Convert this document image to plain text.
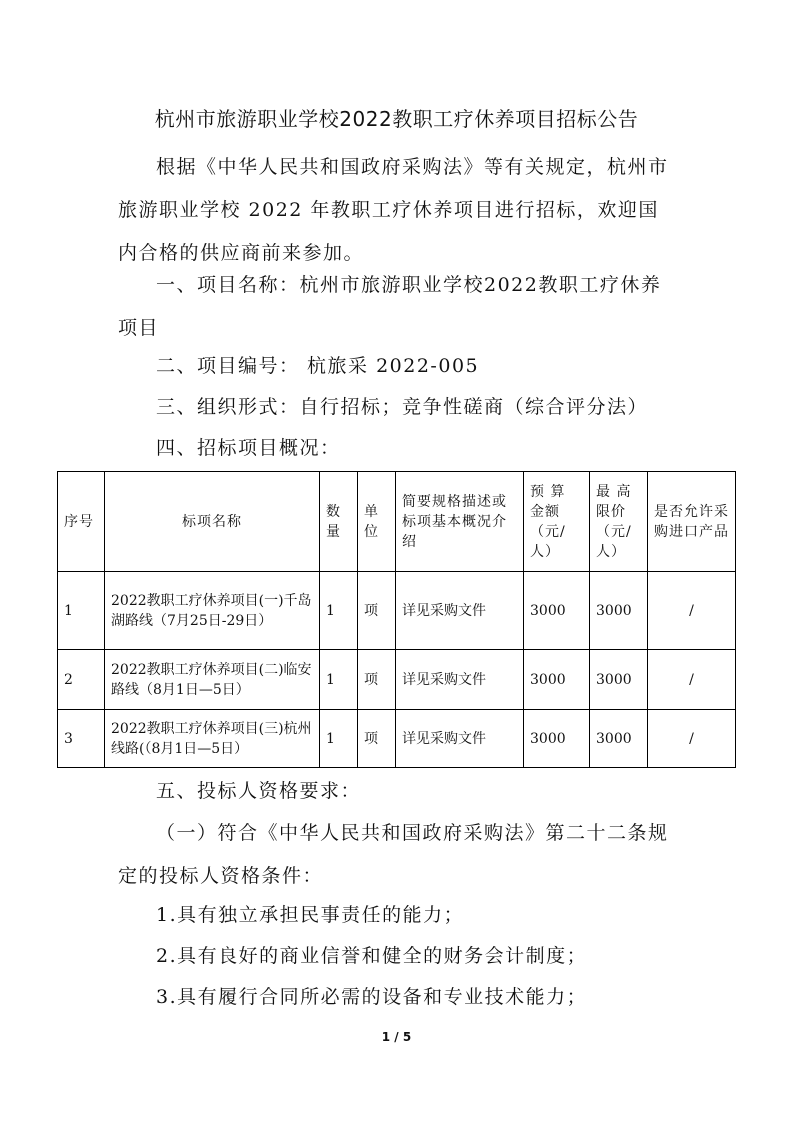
杭州市旅游职业学校2022教职工疗休养项目招标公告

根据《中华人民共和国政府采购法》等有关规定，杭州市旅游职业学校 2022 年教职工疗休养项目进行招标，欢迎国内合格的供应商前来参加。

一、项目名称：杭州市旅游职业学校2022教职工疗休养项目

二、项目编号： 杭旅采 2022-005

三、组织形式：自行招标；竞争性磋商（综合评分法）

四、招标项目概况：

序号	标项名称	数量	单位	简要规格描述或标项基本概况介绍	预 算 金额（元/人）	最 高 限价（元/人）	是否允许采购进口产品
1	2022教职工疗休养项目(一)千岛湖路线（7月25日-29日）	1	项	详见采购文件	3000	3000	/
2	2022教职工疗休养项目(二)临安路线（8月1日—5日）	1	项	详见采购文件	3000	3000	/
3	2022教职工疗休养项目(三)杭州线路(（8月1日—5日）	1	项	详见采购文件	3000	3000	/

五、投标人资格要求：

（一）符合《中华人民共和国政府采购法》第二十二条规定的投标人资格条件：

1.具有独立承担民事责任的能力；

2.具有良好的商业信誉和健全的财务会计制度；

3.具有履行合同所必需的设备和专业技术能力；

1 / 5
